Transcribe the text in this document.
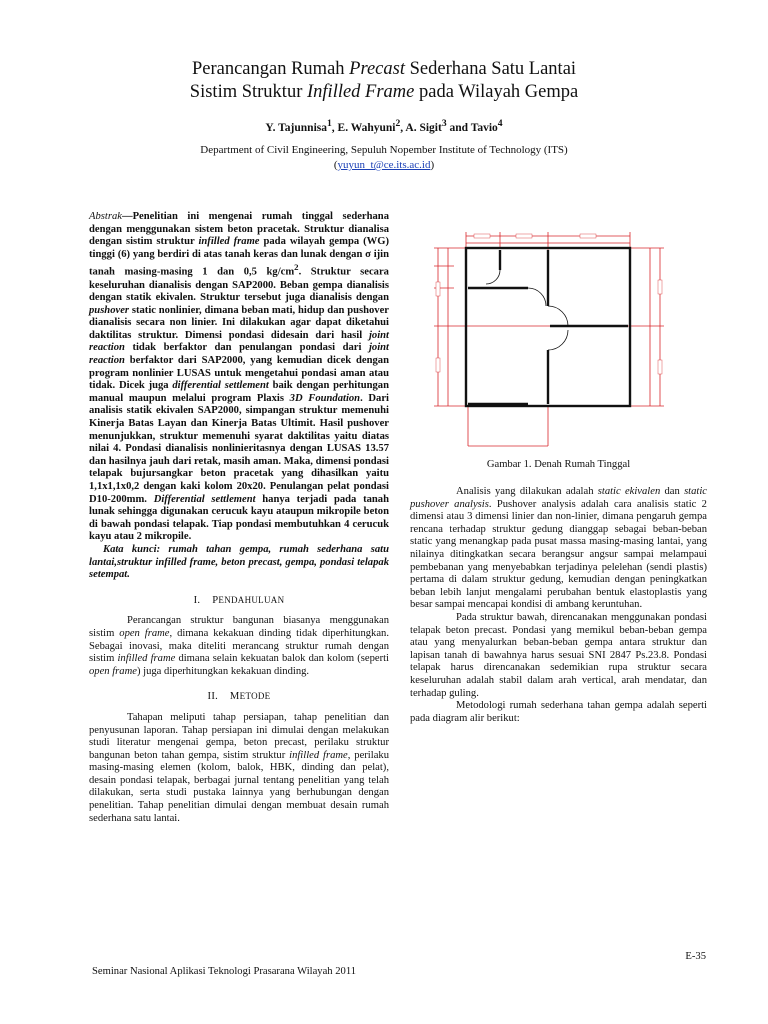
Perancangan Rumah Precast Sederhana Satu Lantai
Sistim Struktur Infilled Frame pada Wilayah Gempa
Y. Tajunnisa$^1$, E. Wahyuni$^2$, A. Sigit$^3$ and Tavio$^4$
Department of Civil Engineering, Sepuluh Nopember Institute of Technology (ITS)
(yuyun_t@ce.its.ac.id)

Abstrak—Penelitian ini mengenai rumah tinggal sederhana dengan menggunakan sistem beton pracetak. Struktur dianalisa dengan sistim struktur infilled frame pada wilayah gempa (WG) tinggi (6) yang berdiri di atas tanah keras dan lunak dengan σ ijin tanah masing-masing 1 dan 0,5 $kg/cm^2$. Struktur secara keseluruhan dianalisis dengan SAP2000. Beban gempa dianalisis dengan statik ekivalen. Struktur tersebut juga dianalisis dengan pushover static nonlinier, dimana beban mati, hidup dan pushover dianalisis secara non linier. Ini dilakukan agar dapat diketahui daktilitas struktur. Dimensi pondasi didesain dari hasil joint reaction tidak berfaktor dan penulangan pondasi dari joint reaction berfaktor dari SAP2000, yang kemudian dicek dengan program nonlinier LUSAS untuk mengetahui pondasi aman atau tidak. Dicek juga differential settlement baik dengan perhitungan manual maupun melalui program Plaxis 3D Foundation. Dari analisis statik ekivalen SAP2000, simpangan struktur memenuhi Kinerja Batas Layan dan Kinerja Batas Ultimit. Hasil pushover menunjukkan, struktur memenuhi syarat daktilitas yaitu diatas nilai 4. Pondasi dianalisis nonlinieritasnya dengan LUSAS 13.57 dan hasilnya jauh dari retak, masih aman. Maka, dimensi pondasi telapak bujursangkar beton pracetak yang dihasilkan yaitu 1,1x1,1x0,2 dengan kaki kolom 20x20. Penulangan pelat pondasi D10-200mm. Differential settlement hanya terjadi pada tanah lunak sehingga digunakan cerucuk kayu ataupun mikropile beton di bawah pondasi telapak. Tiap pondasi membutuhkan 4 cerucuk kayu atau 2 mikropile.

Kata kunci: rumah tahan gempa, rumah sederhana satu lantai,struktur infilled frame, beton precast, gempa, pondasi telapak setempat.

I. PENDAHULUAN

Perancangan struktur bangunan biasanya menggunakan sistim open frame, dimana kekakuan dinding tidak diperhitungkan. Sebagai inovasi, maka diteliti merancang struktur rumah dengan sistim infilled frame dimana selain kekuatan balok dan kolom (seperti open frame) juga diperhitungkan kekakuan dinding.

II. METODE

Tahapan meliputi tahap persiapan, tahap penelitian dan penyusunan laporan. Tahap persiapan ini dimulai dengan melakukan studi literatur mengenai gempa, beton precast, perilaku struktur bangunan beton tahan gempa, sistim struktur infilled frame, perilaku masing-masing elemen (kolom, balok, HBK, dinding dan pelat), desain pondasi telapak, berbagai jurnal tentang penelitian yang telah dilakukan, serta studi pustaka lainnya yang berhubungan dengan penelitian. Tahap penelitian dimulai dengan membuat desain rumah sederhana satu lantai.

Gambar 1. Denah Rumah Tinggal

Analisis yang dilakukan adalah static ekivalen dan static pushover analysis. Pushover analysis adalah cara analisis static 2 dimensi atau 3 dimensi linier dan non-linier, dimana pengaruh gempa rencana terhadap struktur gedung dianggap sebagai beban-beban static yang menangkap pada pusat massa masing-masing lantai, yang nilainya ditingkatkan secara berangsur angsur sampai melampaui pembebanan yang menyebabkan terjadinya pelelehan (sendi plastis) pertama di dalam struktur gedung, kemudian dengan peningkatkan beban lebih lanjut mengalami perubahan bentuk elastoplastis yang besar sampai mencapai kondisi di ambang keruntuhan.

Pada struktur bawah, direncanakan menggunakan pondasi telapak beton precast. Pondasi yang memikul beban-beban gempa atau yang menyalurkan beban-beban gempa antara struktur dan lapisan tanah di bawahnya harus sesuai SNI 2847 Ps.23.8. Pondasi telapak harus direncanakan sedemikian rupa struktur secara keseluruhan adalah stabil dalam arah vertical, arah mendatar, dan terhadap guling.

Metodologi rumah sederhana tahan gempa adalah seperti pada diagram alir berikut:

E-35
Seminar Nasional Aplikasi Teknologi Prasarana Wilayah 2011
